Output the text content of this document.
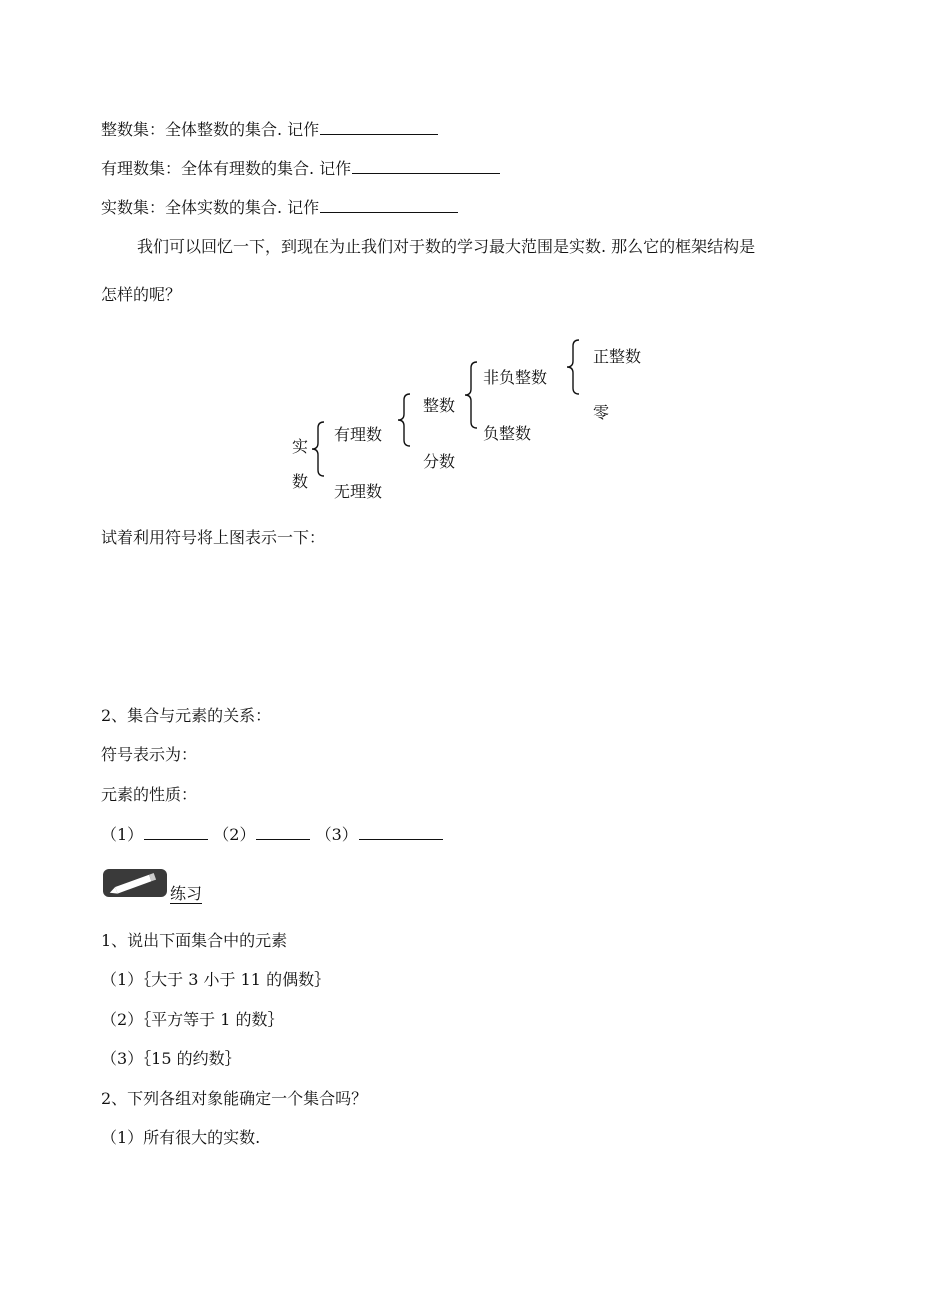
整数集：全体整数的集合. 记作
有理数集：全体有理数的集合. 记作
实数集：全体实数的集合. 记作
我们可以回忆一下，到现在为止我们对于数的学习最大范围是实数. 那么它的框架结构是
怎样的呢？
实
数
有理数
无理数
整数
分数
非负整数
负整数
正整数
零
试着利用符号将上图表示一下：
2、集合与元素的关系：
符号表示为：
元素的性质：
（1）	（2）	（3）
练习
1、说出下面集合中的元素
（1）｛大于 3 小于 11 的偶数｝
（2）｛平方等于 1 的数｝
（3）｛15 的约数｝
2、下列各组对象能确定一个集合吗？
（1）所有很大的实数.
